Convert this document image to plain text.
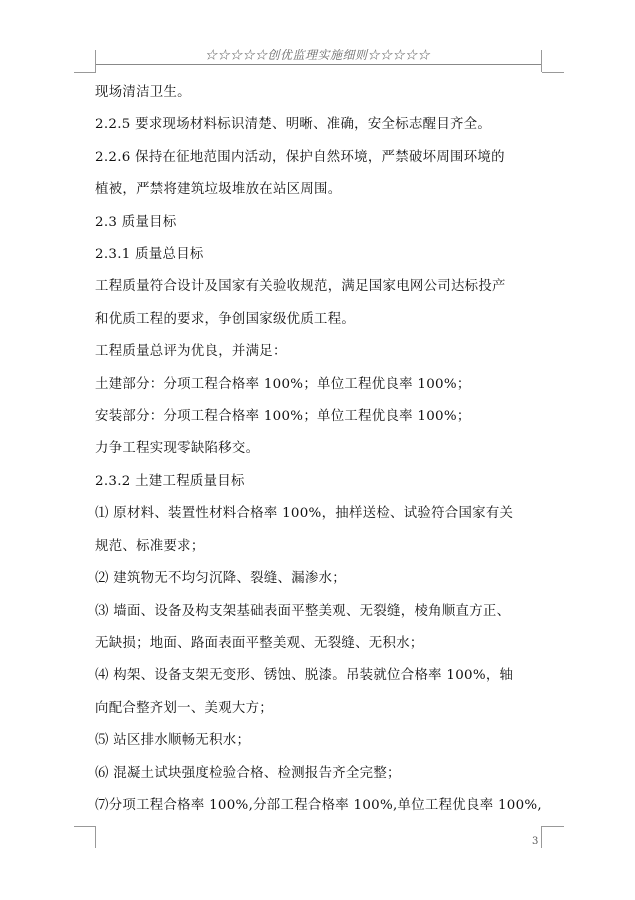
☆☆☆☆☆创优监理实施细则☆☆☆☆☆

现场清洁卫生。

2.2.5 要求现场材料标识清楚、明晰、准确，安全标志醒目齐全。

2.2.6 保持在征地范围内活动，保护自然环境，严禁破坏周围环境的

植被，严禁将建筑垃圾堆放在站区周围。

2.3 质量目标

2.3.1 质量总目标

工程质量符合设计及国家有关验收规范，满足国家电网公司达标投产

和优质工程的要求，争创国家级优质工程。

工程质量总评为优良，并满足：

土建部分：分项工程合格率 100%；单位工程优良率 100%；

安装部分：分项工程合格率 100%；单位工程优良率 100%；

力争工程实现零缺陷移交。

2.3.2 土建工程质量目标

⑴ 原材料、装置性材料合格率 100%，抽样送检、试验符合国家有关

规范、标准要求；

⑵ 建筑物无不均匀沉降、裂缝、漏渗水；

⑶ 墙面、设备及构支架基础表面平整美观、无裂缝，棱角顺直方正、

无缺损；地面、路面表面平整美观、无裂缝、无积水；

⑷ 构架、设备支架无变形、锈蚀、脱漆。吊装就位合格率 100%，轴

向配合整齐划一、美观大方；

⑸ 站区排水顺畅无积水；

⑹ 混凝土试块强度检验合格、检测报告齐全完整；

⑺分项工程合格率 100%,分部工程合格率 100%,单位工程优良率 100%,

3
